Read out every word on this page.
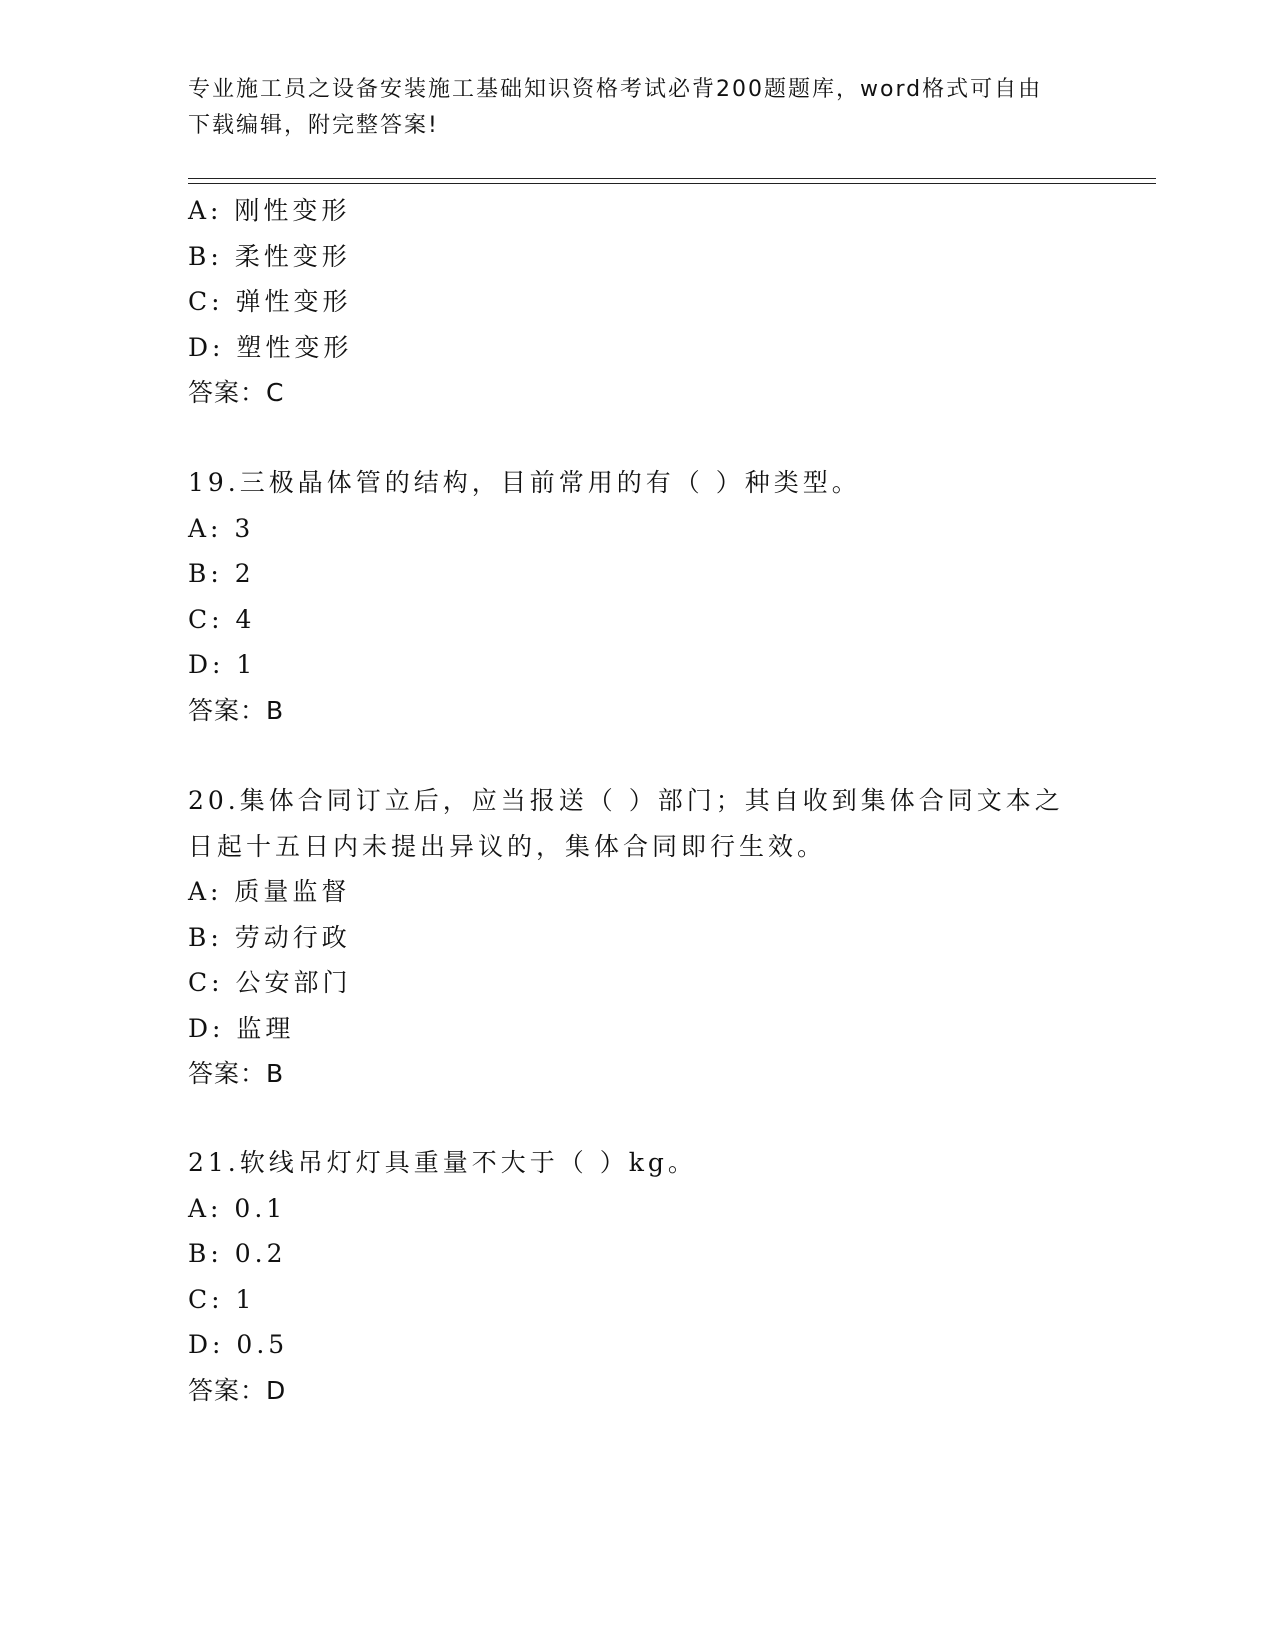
专业施工员之设备安装施工基础知识资格考试必背200题题库，word格式可自由
下载编辑，附完整答案!
A: 刚性变形
B: 柔性变形
C: 弹性变形
D: 塑性变形
答案：C
19.三极晶体管的结构，目前常用的有（ ）种类型。
A: 3
B: 2
C: 4
D: 1
答案：B
20.集体合同订立后，应当报送（ ）部门；其自收到集体合同文本之
日起十五日内未提出异议的，集体合同即行生效。
A: 质量监督
B: 劳动行政
C: 公安部门
D: 监理
答案：B
21.软线吊灯灯具重量不大于（ ）kg。
A: 0.1
B: 0.2
C: 1
D: 0.5
答案：D
